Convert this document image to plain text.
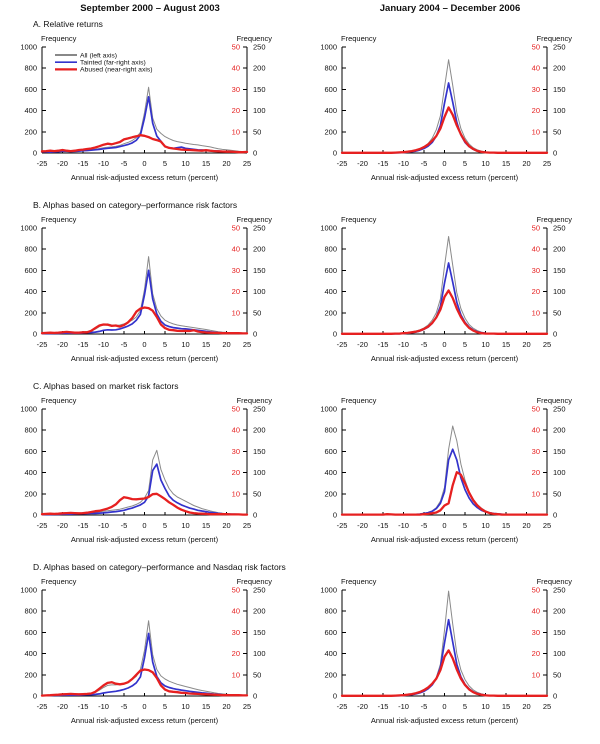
September 2000 – August 2003	January 2004 – December 2006
A. Relative returns
0
200
400
600
800
1000
-25 -20 -15 -10 -5 0 5 10 15 20 25
0
50
100
150
200
250
10
20
30
40
50
Frequency	Frequency
Annual risk-adjusted excess return (percent)
All (left axis)
Tainted (far-right axis)
Abused (near-right axis)
0
200
400
600
800
1000
-25 -20 -15 -10 -5 0 5 10 15 20 25
0
50
100
150
200
250
10
20
30
40
50
Frequency	Frequency
Annual risk-adjusted excess return (percent)
B. Alphas based on category–performance risk factors
0
200
400
600
800
1000
-25 -20 -15 -10 -5 0 5 10 15 20 25
0
50
100
150
200
250
10
20
30
40
50
Frequency	Frequency
Annual risk-adjusted excess return (percent)
0
200
400
600
800
1000
-25 -20 -15 -10 -5 0 5 10 15 20 25
0
50
100
150
200
250
10
20
30
40
50
Frequency	Frequency
Annual risk-adjusted excess return (percent)
C. Alphas based on market risk factors
0
200
400
600
800
1000
-25 -20 -15 -10 -5 0 5 10 15 20 25
0
50
100
150
200
250
10
20
30
40
50
Frequency	Frequency
Annual risk-adjusted excess return (percent)
0
200
400
600
800
1000
-25 -20 -15 -10 -5 0 5 10 15 20 25
0
50
100
150
200
250
10
20
30
40
50
Frequency	Frequency
Annual risk-adjusted excess return (percent)
D. Alphas based on category–performance and Nasdaq risk factors
0
200
400
600
800
1000
-25 -20 -15 -10 -5 0 5 10 15 20 25
0
50
100
150
200
250
10
20
30
40
50
Frequency	Frequency
Annual risk-adjusted excess return (percent)
0
200
400
600
800
1000
-25 -20 -15 -10 -5 0 5 10 15 20 25
0
50
100
150
200
250
10
20
30
40
50
Frequency	Frequency
Annual risk-adjusted excess return (percent)
